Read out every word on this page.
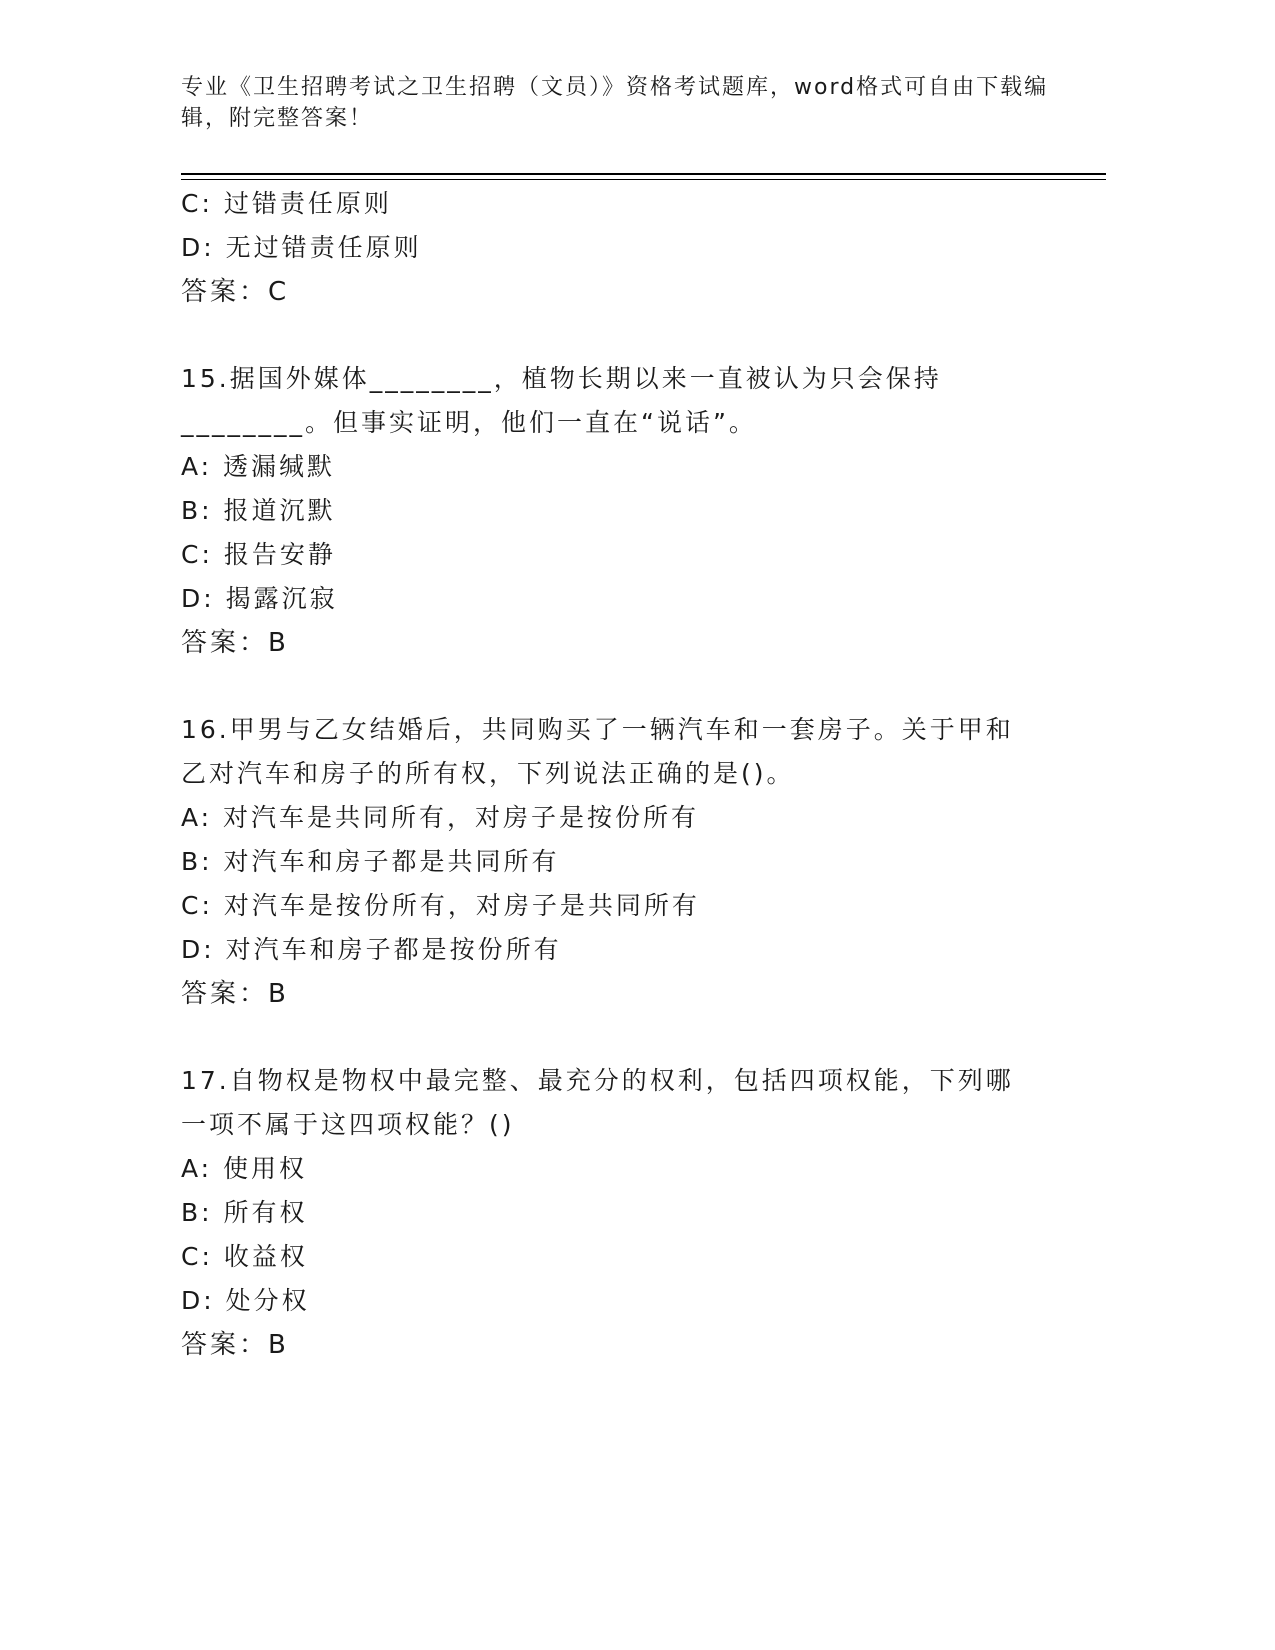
专业《卫生招聘考试之卫生招聘（文员）》资格考试题库，word格式可自由下载编辑，附完整答案！
C: 过错责任原则
D: 无过错责任原则
答案：C
15.据国外媒体________，植物长期以来一直被认为只会保持________。但事实证明，他们一直在“说话”。
A: 透漏缄默
B: 报道沉默
C: 报告安静
D: 揭露沉寂
答案：B
16.甲男与乙女结婚后，共同购买了一辆汽车和一套房子。关于甲和乙对汽车和房子的所有权，下列说法正确的是()。
A: 对汽车是共同所有，对房子是按份所有
B: 对汽车和房子都是共同所有
C: 对汽车是按份所有，对房子是共同所有
D: 对汽车和房子都是按份所有
答案：B
17.自物权是物权中最完整、最充分的权利，包括四项权能，下列哪一项不属于这四项权能？()
A: 使用权
B: 所有权
C: 收益权
D: 处分权
答案：B
